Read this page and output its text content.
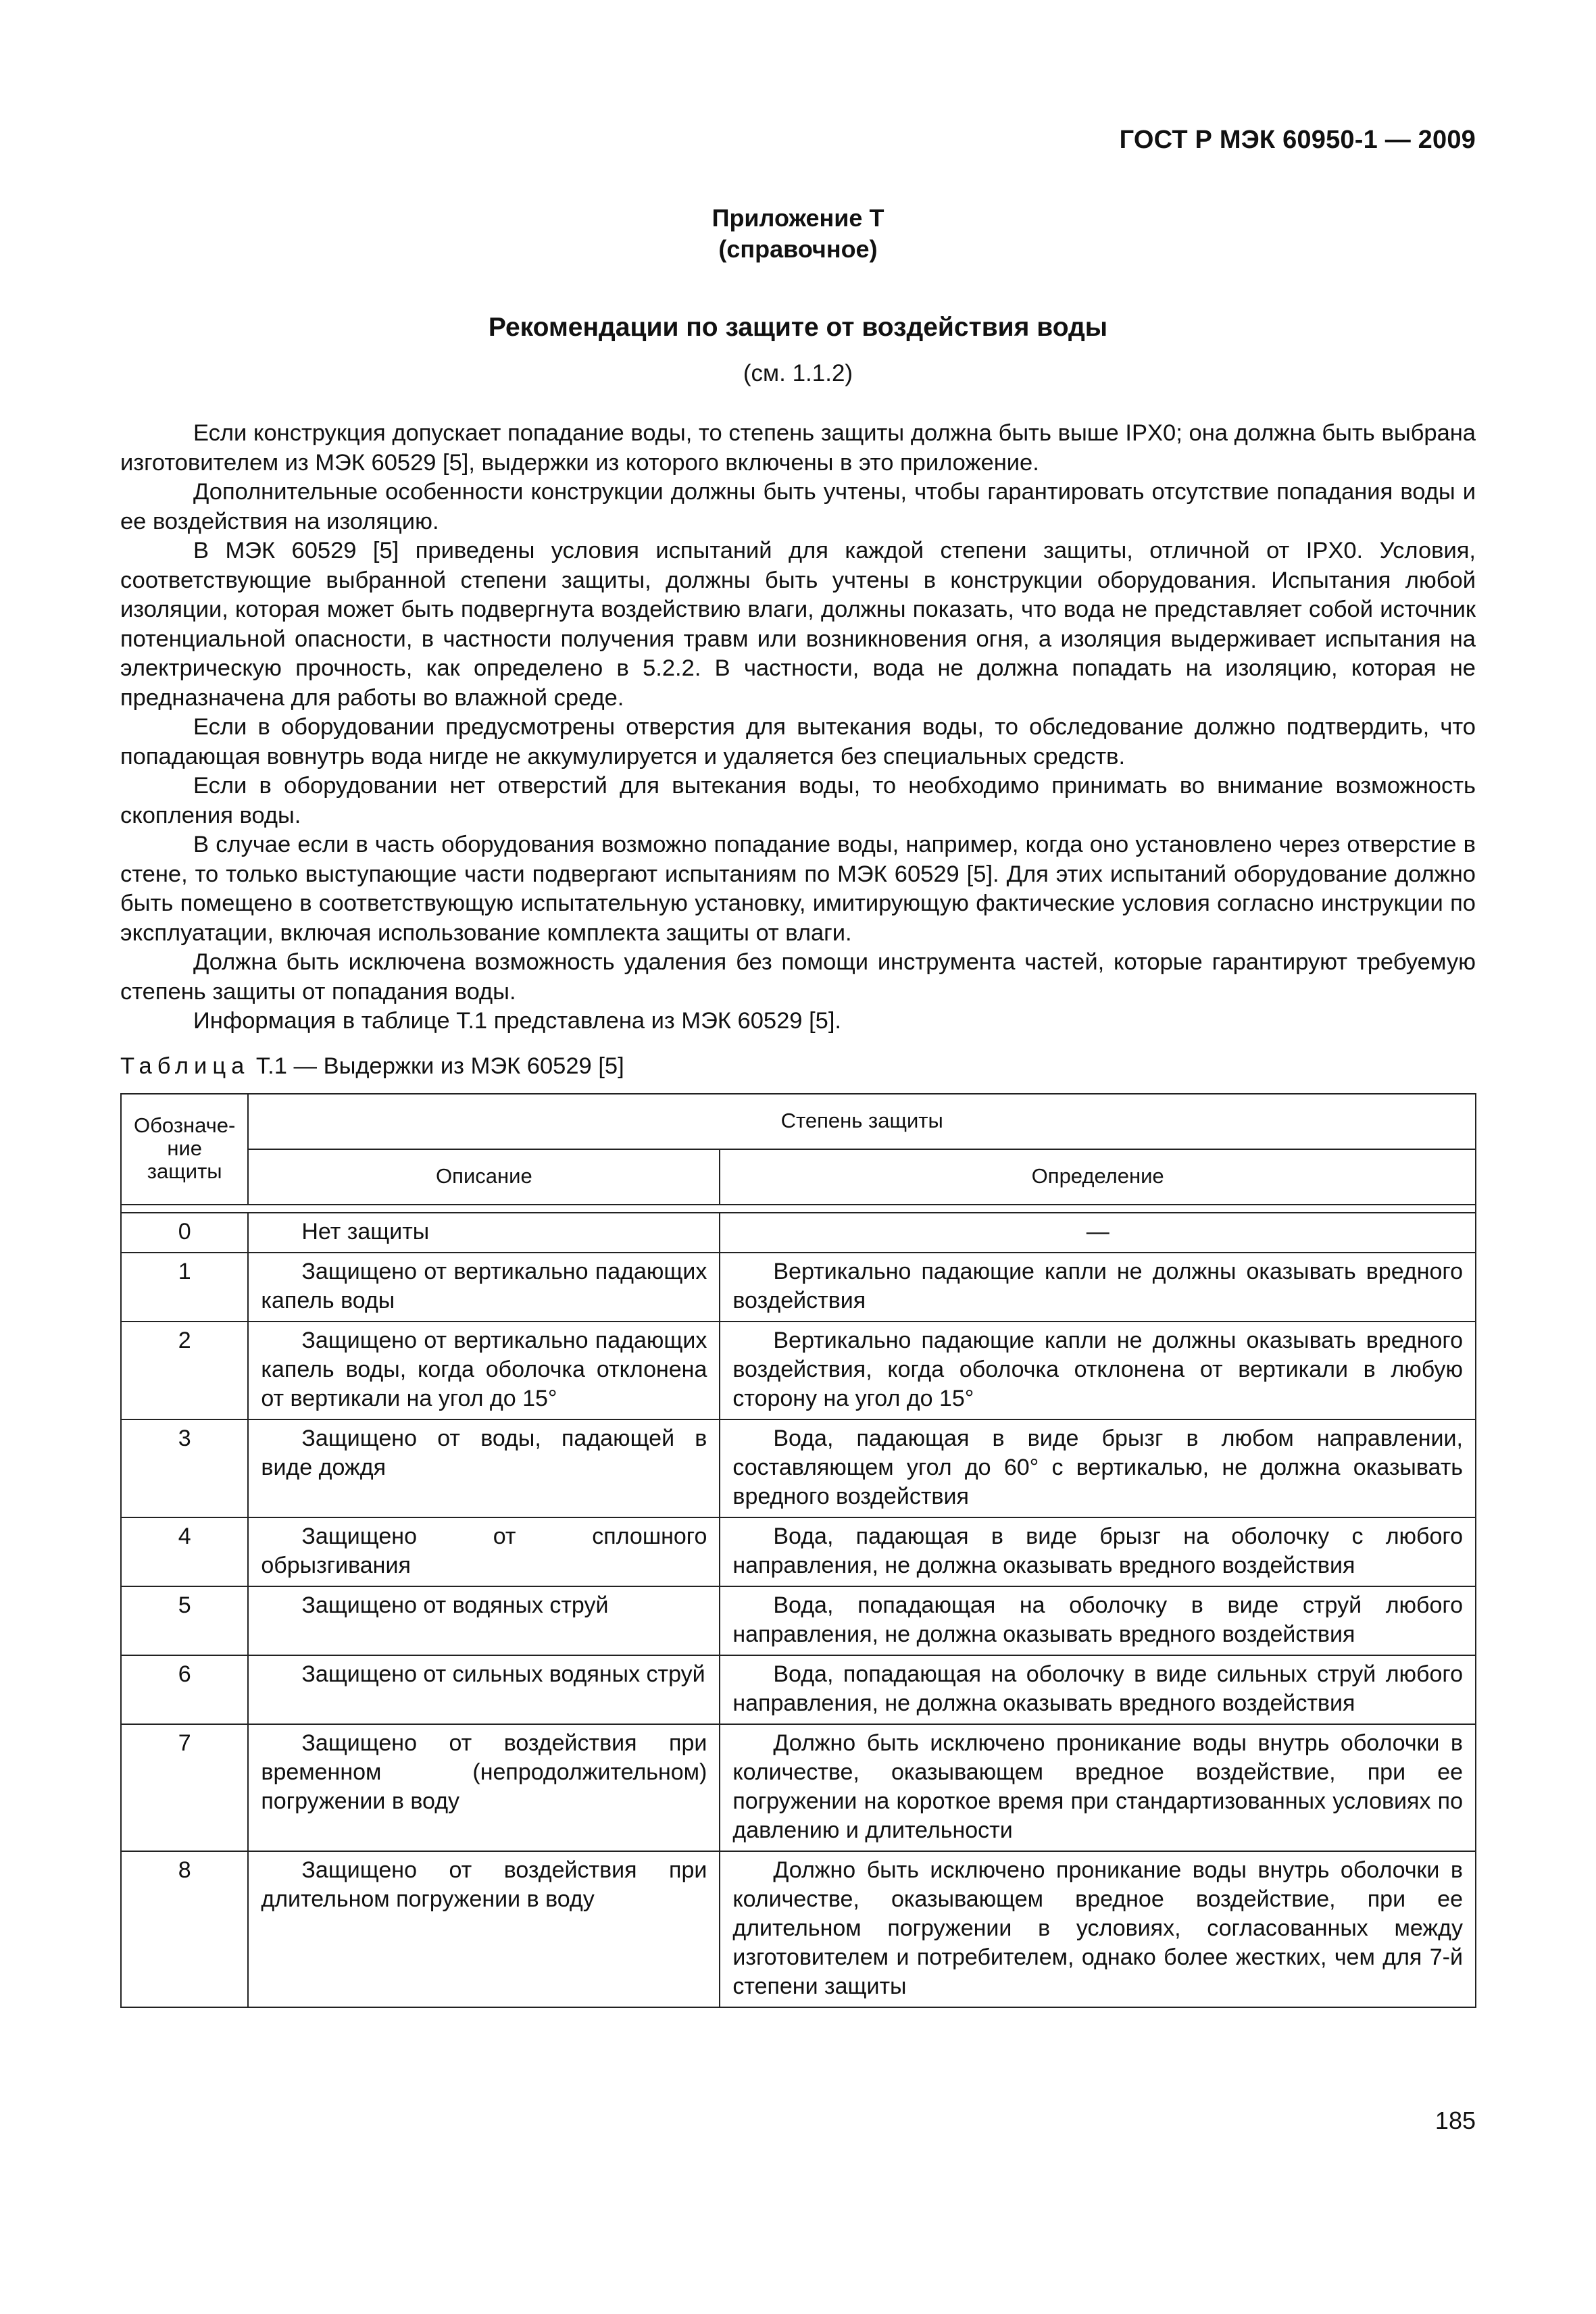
ГОСТ Р МЭК 60950-1 — 2009
Приложение Т
(справочное)
Рекомендации по защите от воздействия воды
(см. 1.1.2)

Если конструкция допускает попадание воды, то степень защиты должна быть выше IPX0; она должна быть выбрана изготовителем из МЭК 60529 [5], выдержки из которого включены в это приложение.

Дополнительные особенности конструкции должны быть учтены, чтобы гарантировать отсутствие попадания воды и ее воздействия на изоляцию.

В МЭК 60529 [5] приведены условия испытаний для каждой степени защиты, отличной от IPX0. Условия, соответствующие выбранной степени защиты, должны быть учтены в конструкции оборудования. Испытания любой изоляции, которая может быть подвергнута воздействию влаги, должны показать, что вода не представляет собой источник потенциальной опасности, в частности получения травм или возникновения огня, а изоляция выдерживает испытания на электрическую прочность, как определено в 5.2.2. В частности, вода не должна попадать на изоляцию, которая не предназначена для работы во влажной среде.

Если в оборудовании предусмотрены отверстия для вытекания воды, то обследование должно подтвердить, что попадающая вовнутрь вода нигде не аккумулируется и удаляется без специальных средств.

Если в оборудовании нет отверстий для вытекания воды, то необходимо принимать во внимание возможность скопления воды.

В случае если в часть оборудования возможно попадание воды, например, когда оно установлено через отверстие в стене, то только выступающие части подвергают испытаниям по МЭК 60529 [5]. Для этих испытаний оборудование должно быть помещено в соответствующую испытательную установку, имитирующую фактические условия согласно инструкции по эксплуатации, включая использование комплекта защиты от влаги.

Должна быть исключена возможность удаления без помощи инструмента частей, которые гарантируют требуемую степень защиты от попадания воды.

Информация в таблице Т.1 представлена из МЭК 60529 [5].

Таблица Т.1 — Выдержки из МЭК 60529 [5]
Обозначе-ние защиты	Степень защиты	
	Описание	Определение

0	Нет защиты	—
1	Защищено от вертикально падающих капель воды	Вертикально падающие капли не должны оказывать вредного воздействия
2	Защищено от вертикально падающих капель воды, когда оболочка отклонена от вертикали на угол до 15°	Вертикально падающие капли не должны оказывать вредного воздействия, когда оболочка отклонена от вертикали в любую сторону на угол до 15°
3	Защищено от воды, падающей в виде дождя	Вода, падающая в виде брызг в любом направлении, составляющем угол до 60° с вертикалью, не должна оказывать вредного воздействия
4	Защищено от сплошного обрызгивания	Вода, падающая в виде брызг на оболочку с любого направления, не должна оказывать вредного воздействия
5	Защищено от водяных струй	Вода, попадающая на оболочку в виде струй любого направления, не должна оказывать вредного воздействия
6	Защищено от сильных водяных струй	Вода, попадающая на оболочку в виде сильных струй любого направления, не должна оказывать вредного воздействия
7	Защищено от воздействия при временном (непродолжительном) погружении в воду	Должно быть исключено проникание воды внутрь оболочки в количестве, оказывающем вредное воздействие, при ее погружении на короткое время при стандартизованных условиях по давлению и длительности
8	Защищено от воздействия при длительном погружении в воду	Должно быть исключено проникание воды внутрь оболочки в количестве, оказывающем вредное воздействие, при ее длительном погружении в условиях, согласованных между изготовителем и потребителем, однако более жестких, чем для 7-й степени защиты
185
